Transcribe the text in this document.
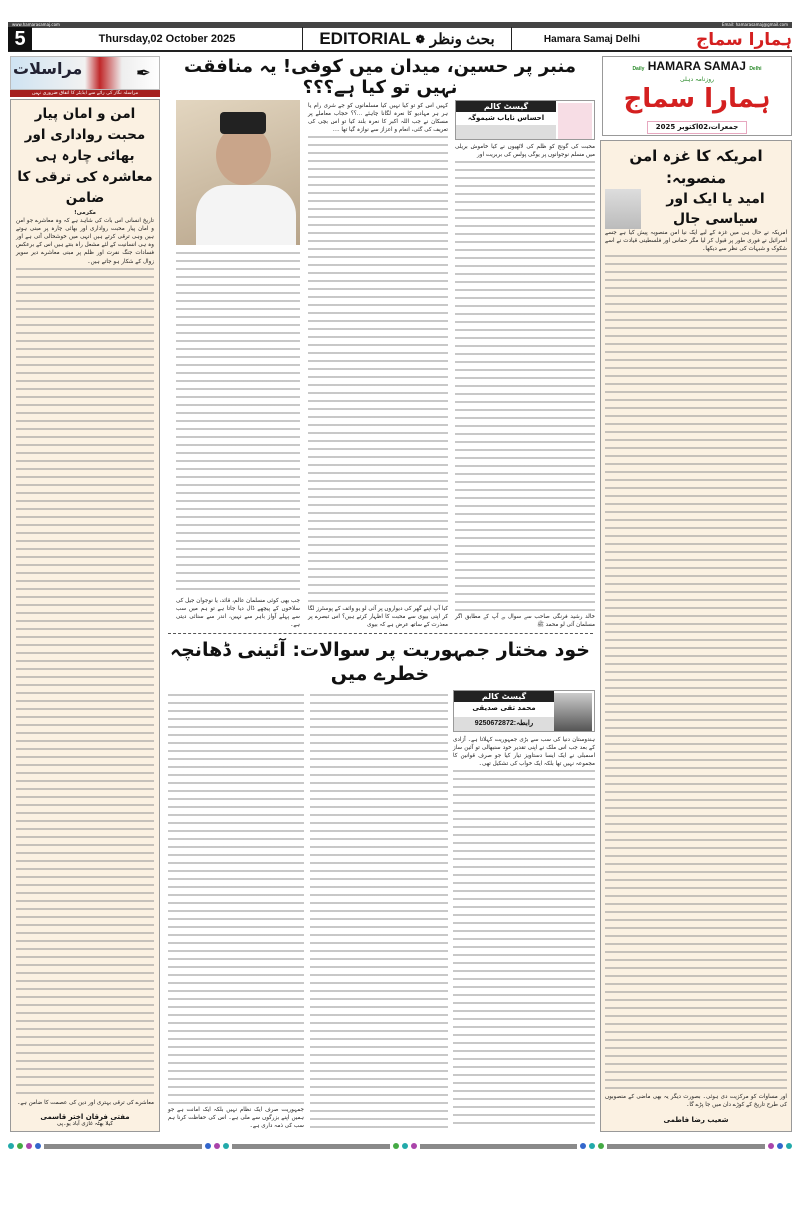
www.hamarasamaj.com	Email: hamarasamaj@gmail.com
5	Thursday,02 October 2025	EDITORIAL ❁ بحث ونظر	Hamara Samaj Delhi	ہمارا سماج
مراسلات	✒
مراسلہ نگار کی رائے سے ایڈیٹر کا اتفاق ضروری نہیں
امن و امان پیار محبت رواداری اور بھائی چارہ ہی معاشرہ کی ترقی کا ضامن
مکرمی!
تاریخ انسانی اس بات کی شاہد ہے کہ وہ معاشرے جو امن و امان پیار محبت رواداری اور بھائی چارہ پر مبنی ہوتے ہیں وہی ترقی کرتے ہیں انہی میں خوشحالی آتی ہے اور وہ ہی انسانیت کے لئے مشعل راہ بنتے ہیں اس کے برعکس فسادات جنگ نفرت اور ظلم پر مبنی معاشرے دیر سویر زوال کے شکار ہو جاتے ہیں۔
معاشرے کی ترقی بہتری اور دین کی عصمت کا ضامن ہے۔
مفتی فرقان اختر قاسمی
کیلا بھٹہ غازی آباد یو۔پی
منبر پر حسین، میدان میں کوفی! یہ منافقت نہیں تو کیا ہے؟؟؟
گیسٹ کالم
احساس نایاب شیموگہ
محبت کی گونج کو ظلم کی لاٹھیوں نے کیا خاموش بریلی میں مسلم نوجوانوں پر یوگی پولس کی بربریت اور
خالد رشید فرنگی صاحب سے سوال ہے آپ کے مطابق اگر مسلمان آئی لو محمد ﷺ
کہیں اس کو تو کیا نہیں کیا مسلمانوں کو جے شری رام یا ہر ہر مہادیو کا نعرہ لگانا چاہئے ...؟؟ حجاب معاملے پر مسکان نے جب اللہ اکبر کا نعرہ بلند کیا تو اس بچی کی تعریف کی گئی، انعام و اعزاز سے نوازہ گیا تھا ....
کیا آپ اپنے گھر کی دیواروں پر آئی لو یو وائف کے پوسٹرز لگا کر اپنی بیوی سے محبت کا اظہار کرتے ہیں؟ اس تبصرے پر معذرت کے ساتھ عرض ہے کہ بیوی
جب بھی کوئی مسلمان عالم، قائد، یا نوجوان جیل کی سلاخوں کے پیچھے ڈال دیا جاتا ہے تو ہم میں سب سے پہلے آواز باہر سے نہیں، اندر سے سنائی دیتی ہے۔
خود مختار جمہوریت پر سوالات: آئینی ڈھانچہ خطرے میں
گیسٹ کالم
محمد تقی صدیقی
رابطہ:9250672872
ہندوستان دنیا کی سب سے بڑی جمہوریت کہلاتا ہے۔ آزادی کے بعد جب اس ملک نے اپنی تقدیر خود سنبھالی تو آئین ساز اسمبلی نے ایک ایسا دستاویز تیار کیا جو صرف قوانین کا مجموعہ نہیں تھا بلکہ ایک خواب کی تشکیل تھی۔
جمہوریت صرف ایک نظام نہیں بلکہ ایک امانت ہے جو ہمیں اپنے بزرگوں سے ملی ہے۔ اس کی حفاظت کرنا ہم سب کی ذمہ داری ہے۔
Daily HAMARA SAMAJ Delhi
روزنامہ دہلی
ہمارا سماج
جمعرات،02اکتوبر 2025
امریکہ کا غزہ امن منصوبہ:
امید یا ایک اور سیاسی جال
امریکہ نے حال ہی میں غزہ کے لیے ایک نیا امن منصوبہ پیش کیا ہے جسے اسرائیل نے فوری طور پر قبول کر لیا مگر حماس اور فلسطینی قیادت نے اسے شکوک و شبہات کی نظر سے دیکھا۔
اور مساوات کو مرکزیت دی ہوئی۔ بصورت دیگر یہ بھی ماضی کے منصوبوں کی طرح تاریخ کے کوڑے دان میں جا پڑے گا۔
شعیب رضا فاطمی
